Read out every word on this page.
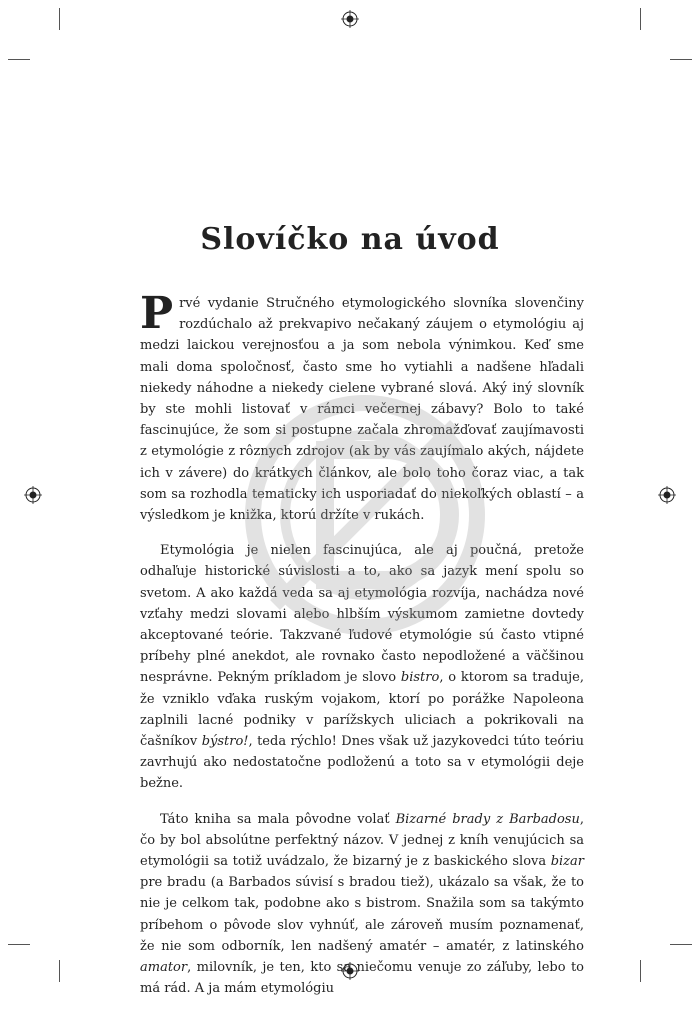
Slovíčko na úvod

Prvé vydanie Stručného etymologického slovníka slovenčiny rozdúchalo až prekvapivo nečakaný záujem o etymológiu aj medzi laickou verejnosťou a ja som nebola výnimkou. Keď sme mali doma spoločnosť, často sme ho vytiahli a nadšene hľadali niekedy náhodne a niekedy cielene vybrané slová. Aký iný slovník by ste mohli listovať v rámci večernej zábavy? Bolo to také fascinujúce, že som si postupne začala zhromažďovať zaujímavosti z etymológie z rôznych zdrojov (ak by vás zaujímalo akých, nájdete ich v závere) do krátkych článkov, ale bolo toho čoraz viac, a tak som sa rozhodla tematicky ich usporiadať do niekoľkých oblastí – a výsledkom je knižka, ktorú držíte v rukách.

Etymológia je nielen fascinujúca, ale aj poučná, pretože odhaľuje historické súvislosti a to, ako sa jazyk mení spolu so svetom. A ako každá veda sa aj etymológia rozvíja, nachádza nové vzťahy medzi slovami alebo hlbším výskumom zamietne dovtedy akceptované teórie. Takzvané ľudové etymológie sú často vtipné príbehy plné anekdot, ale rovnako často nepodložené a väčšinou nesprávne. Pekným príkladom je slovo bistro, o ktorom sa traduje, že vzniklo vďaka ruským vojakom, ktorí po porážke Napoleona zaplnili lacné podniky v parížskych uliciach a pokrikovali na čašníkov býstro!, teda rýchlo! Dnes však už jazykovedci túto teóriu zavrhujú ako nedostatočne podloženú a toto sa v etymológii deje bežne.

Táto kniha sa mala pôvodne volať Bizarné brady z Barbadosu, čo by bol absolútne perfektný názov. V jednej z kníh venujúcich sa etymológii sa totiž uvádzalo, že bizarný je z baskického slova bizar pre bradu (a Barbados súvisí s bradou tiež), ukázalo sa však, že to nie je celkom tak, podobne ako s bistrom. Snažila som sa takýmto príbehom o pôvode slov vyhnúť, ale zároveň musím poznamenať, že nie som odborník, len nadšený amatér – amatér, z latinského amator, milovník, je ten, kto sa niečomu venuje zo záľuby, lebo to má rád. A ja mám etymológiu
